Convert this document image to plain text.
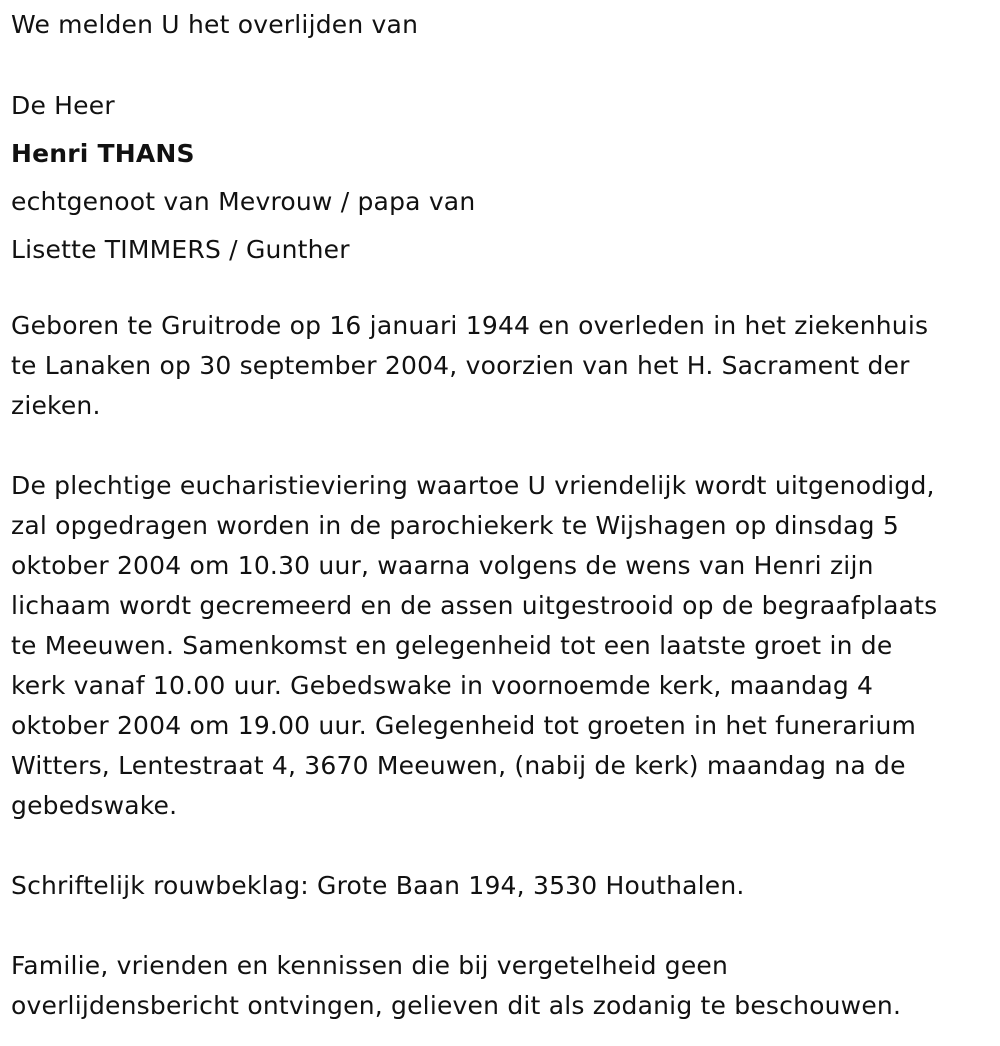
We melden U het overlijden van
De Heer
Henri THANS
echtgenoot van Mevrouw / papa van
Lisette TIMMERS / Gunther

Geboren te Gruitrode op 16 januari 1944 en overleden in het ziekenhuis
te Lanaken op 30 september 2004, voorzien van het H. Sacrament der
zieken.

De plechtige eucharistieviering waartoe U vriendelijk wordt uitgenodigd,
zal opgedragen worden in de parochiekerk te Wijshagen op dinsdag 5
oktober 2004 om 10.30 uur, waarna volgens de wens van Henri zijn
lichaam wordt gecremeerd en de assen uitgestrooid op de begraafplaats
te Meeuwen. Samenkomst en gelegenheid tot een laatste groet in de
kerk vanaf 10.00 uur. Gebedswake in voornoemde kerk, maandag 4
oktober 2004 om 19.00 uur. Gelegenheid tot groeten in het funerarium
Witters, Lentestraat 4, 3670 Meeuwen, (nabij de kerk) maandag na de
gebedswake.

Schriftelijk rouwbeklag: Grote Baan 194, 3530 Houthalen.

Familie, vrienden en kennissen die bij vergetelheid geen
overlijdensbericht ontvingen, gelieven dit als zodanig te beschouwen.
